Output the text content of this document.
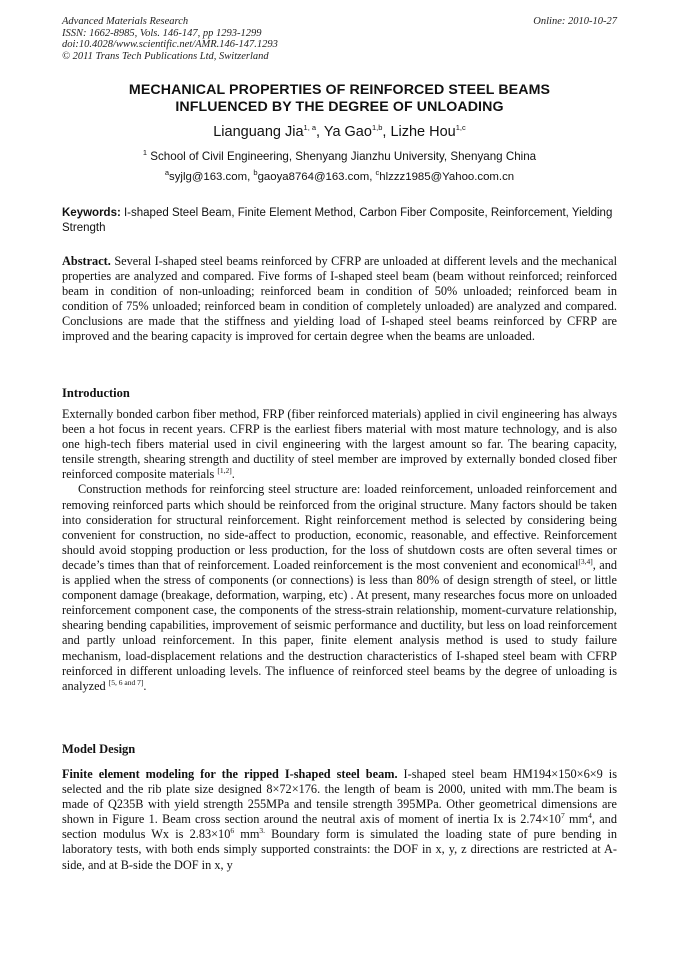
Advanced Materials Research
ISSN: 1662-8985, Vols. 146-147, pp 1293-1299
doi:10.4028/www.scientific.net/AMR.146-147.1293
© 2011 Trans Tech Publications Ltd, Switzerland
Online: 2010-10-27
MECHANICAL PROPERTIES OF REINFORCED STEEL BEAMS
INFLUENCED BY THE DEGREE OF UNLOADING
Lianguang Jia$^{1, a}$, Ya Gao$^{1,b}$, Lizhe Hou$^{1,c}$
$^1$ School of Civil Engineering, Shenyang Jianzhu University, Shenyang China
$^a$syjlg@163.com, $^b$gaoya8764@163.com, $^c$hlzzz1985@Yahoo.com.cn
Keywords: I-shaped Steel Beam, Finite Element Method, Carbon Fiber Composite, Reinforcement, Yielding Strength
Abstract. Several I-shaped steel beams reinforced by CFRP are unloaded at different levels and the mechanical properties are analyzed and compared. Five forms of I-shaped steel beam (beam without reinforced; reinforced beam in condition of non-unloading; reinforced beam in condition of 50% unloaded; reinforced beam in condition of 75% unloaded; reinforced beam in condition of completely unloaded) are analyzed and compared. Conclusions are made that the stiffness and yielding load of I-shaped steel beams reinforced by CFRP are improved and the bearing capacity is improved for certain degree when the beams are unloaded.
Introduction
Externally bonded carbon fiber method, FRP (fiber reinforced materials) applied in civil engineering has always been a hot focus in recent years. CFRP is the earliest fibers material with most mature technology, and is also one high-tech fibers material used in civil engineering with the largest amount so far. The bearing capacity, tensile strength, shearing strength and ductility of steel member are improved by externally bonded closed fiber reinforced composite materials [1,2].
Construction methods for reinforcing steel structure are: loaded reinforcement, unloaded reinforcement and removing reinforced parts which should be reinforced from the original structure. Many factors should be taken into consideration for structural reinforcement. Right reinforcement method is selected by considering being convenient for construction, no side-affect to production, economic, reasonable, and effective. Reinforcement should avoid stopping production or less production, for the loss of shutdown costs are often several times or decade’s times than that of reinforcement. Loaded reinforcement is the most convenient and economical[3,4], and is applied when the stress of components (or connections) is less than 80% of design strength of steel, or little component damage (breakage, deformation, warping, etc) . At present, many researches focus more on unloaded reinforcement component case, the components of the stress-strain relationship, moment-curvature relationship, shearing bending capabilities, improvement of seismic performance and ductility, but less on load reinforcement and partly unload reinforcement. In this paper, finite element analysis method is used to study failure mechanism, load-displacement relations and the destruction characteristics of I-shaped steel beam with CFRP reinforced in different unloading levels. The influence of reinforced steel beams by the degree of unloading is analyzed [5, 6 and 7].
Model Design
Finite element modeling for the ripped I-shaped steel beam. I-shaped steel beam HM194×150×6×9 is selected and the rib plate size designed 8×72×176. the length of beam is 2000, united with mm.The beam is made of Q235B with yield strength 255MPa and tensile strength 395MPa. Other geometrical dimensions are shown in Figure 1. Beam cross section around the neutral axis of moment of inertia Ix is $2.74\times 10^7$ $mm^4$, and section modulus Wx is $2.83\times 10^6$ $mm^{3.}$ Boundary form is simulated the loading state of pure bending in laboratory tests, with both ends simply supported constraints: the DOF in x, y, z directions are restricted at A-side, and at B-side the DOF in x, y
